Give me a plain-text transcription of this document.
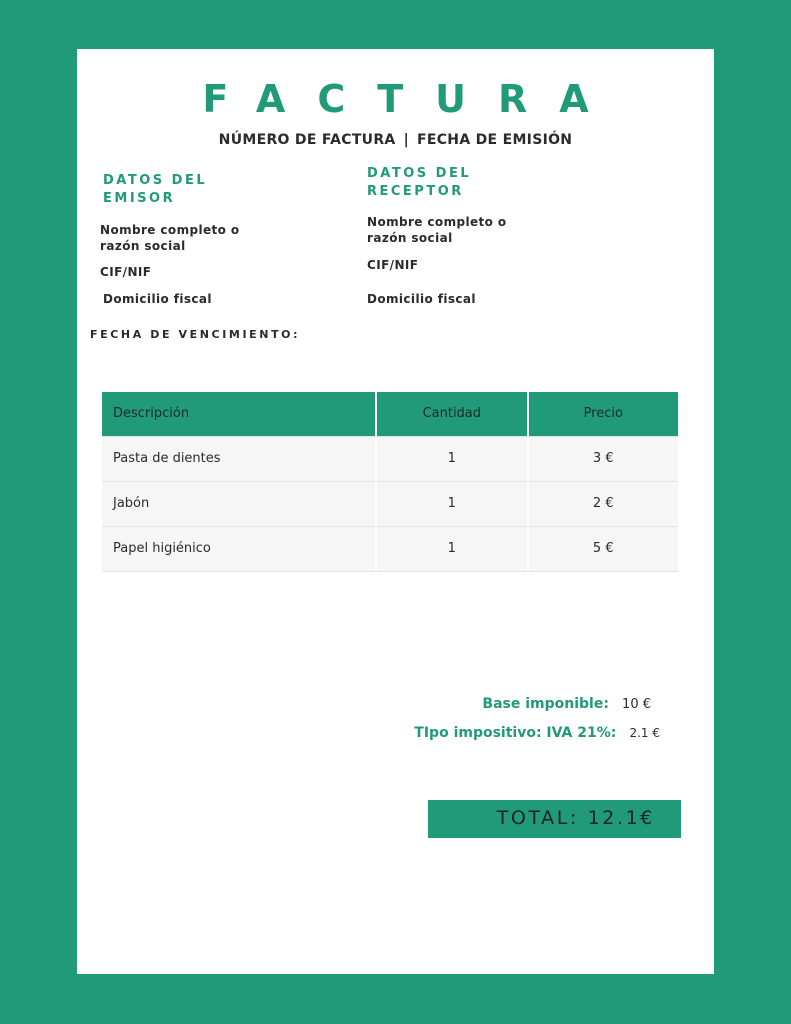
FACTURA
NÚMERO DE FACTURA | FECHA DE EMISIÓN
DATOS DEL EMISOR
Nombre completo o
razón social
CIF/NIF
Domicilio fiscal
DATOS DEL RECEPTOR
Nombre completo o
razón social
CIF/NIF
Domicilio fiscal
FECHA DE VENCIMIENTO:
Descripción	Cantidad	Precio
Pasta de dientes	1	3 €
Jabón	1	2 €
Papel higiénico	1	5 €
Base imponible: 10 €
TIpo impositivo: IVA 21%: 2.1 €
TOTAL: 12.1€
